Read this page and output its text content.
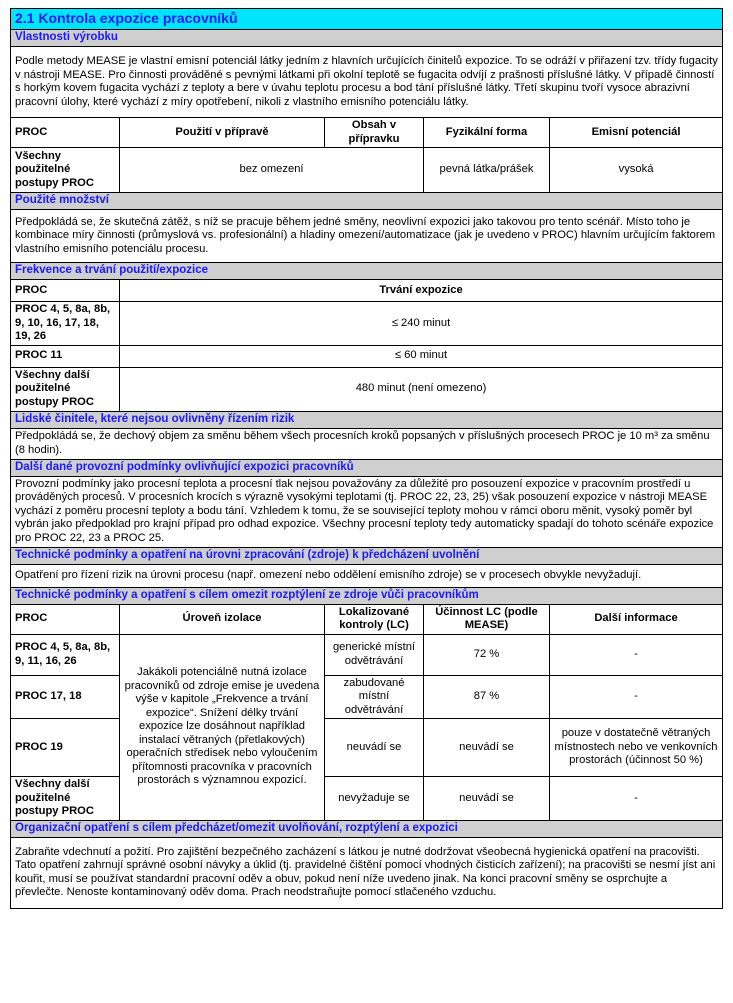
2.1 Kontrola expozice pracovníků				
Vlastnosti výrobku				
Podle metody MEASE je vlastní emisní potenciál látky jedním z hlavních určujících činitelů expozice. To se odráží v přiřazení tzv. třídy fugacity v nástroji MEASE. Pro činnosti prováděné s pevnými látkami při okolní teplotě se fugacita odvíjí z prašnosti příslušné látky. V případě činností s horkým kovem fugacita vychází z teploty a bere v úvahu teplotu procesu a bod tání příslušné látky. Třetí skupinu tvoří vysoce abrazivní pracovní úlohy, které vychází z míry opotřebení, nikoli z vlastního emisního potenciálu látky.				
PROC	Použití v přípravě	Obsah v přípravku	Fyzikální forma	Emisní potenciál
Všechny použitelné postupy PROC	bez omezení		pevná látka/prášek	vysoká
Použité množství				
Předpokládá se, že skutečná zátěž, s níž se pracuje během jedné směny, neovlivní expozici jako takovou pro tento scénář. Místo toho je kombinace míry činnosti (průmyslová vs. profesionální) a hladiny omezení/automatizace (jak je uvedeno v PROC) hlavním určujícím faktorem vlastního emisního potenciálu procesu.				
Frekvence a trvání použití/expozice				
PROC	Trvání expozice			
PROC 4, 5, 8a, 8b, 9, 10, 16, 17, 18, 19, 26	≤ 240 minut			
PROC 11	≤ 60 minut			
Všechny další použitelné postupy PROC	480 minut (není omezeno)			
Lidské činitele, které nejsou ovlivněny řízením rizik				
Předpokládá se, že dechový objem za směnu během všech procesních kroků popsaných v příslušných procesech PROC je 10 m³ za směnu (8 hodin).				
Další dané provozní podmínky ovlivňující expozici pracovníků				
Provozní podmínky jako procesní teplota a procesní tlak nejsou považovány za důležité pro posouzení expozice v pracovním prostředí u prováděných procesů. V procesních krocích s výrazně vysokými teplotami (tj. PROC 22, 23, 25) však posouzení expozice v nástroji MEASE vychází z poměru procesní teploty a bodu tání. Vzhledem k tomu, že se související teploty mohou v rámci oboru měnit, vysoký poměr byl vybrán jako předpoklad pro krajní případ pro odhad expozice. Všechny procesní teploty tedy automaticky spadají do tohoto scénáře expozice pro PROC 22, 23 a PROC 25.				
Technické podmínky a opatření na úrovni zpracování (zdroje) k předcházení uvolnění				
Opatření pro řízení rizik na úrovni procesu (např. omezení nebo oddělení emisního zdroje) se v procesech obvykle nevyžadují.				
Technické podmínky a opatření s cílem omezit rozptýlení ze zdroje vůči pracovníkům				
PROC	Úroveň izolace	Lokalizované kontroly (LC)	Účinnost LC (podle MEASE)	Další informace
PROC 4, 5, 8a, 8b, 9, 11, 16, 26	Jakákoli potenciálně nutná izolace pracovníků od zdroje emise je uvedena výše v kapitole „Frekvence a trvání expozice“. Snížení délky trvání expozice lze dosáhnout například instalací větraných (přetlakových) operačních středisek nebo vyloučením přítomnosti pracovníka v pracovních prostorách s významnou expozicí.	generické místní odvětrávání	72 %	-
PROC 17, 18		zabudované místní odvětrávání	87 %	-
PROC 19		neuvádí se	neuvádí se	pouze v dostatečně větraných místnostech nebo ve venkovních prostorách (účinnost 50 %)
Všechny další použitelné postupy PROC		nevyžaduje se	neuvádí se	-
Organizační opatření s cílem předcházet/omezit uvolňování, rozptýlení a expozici				
Zabraňte vdechnutí a požití. Pro zajištění bezpečného zacházení s látkou je nutné dodržovat všeobecná hygienická opatření na pracovišti. Tato opatření zahrnují správné osobní návyky a úklid (tj. pravidelné čištění pomocí vhodných čisticích zařízení); na pracovišti se nesmí jíst ani kouřit, musí se používat standardní pracovní oděv a obuv, pokud není níže uvedeno jinak. Na konci pracovní směny se osprchujte a převlečte. Nenoste kontaminovaný oděv doma. Prach neodstraňujte pomocí stlačeného vzduchu.				
